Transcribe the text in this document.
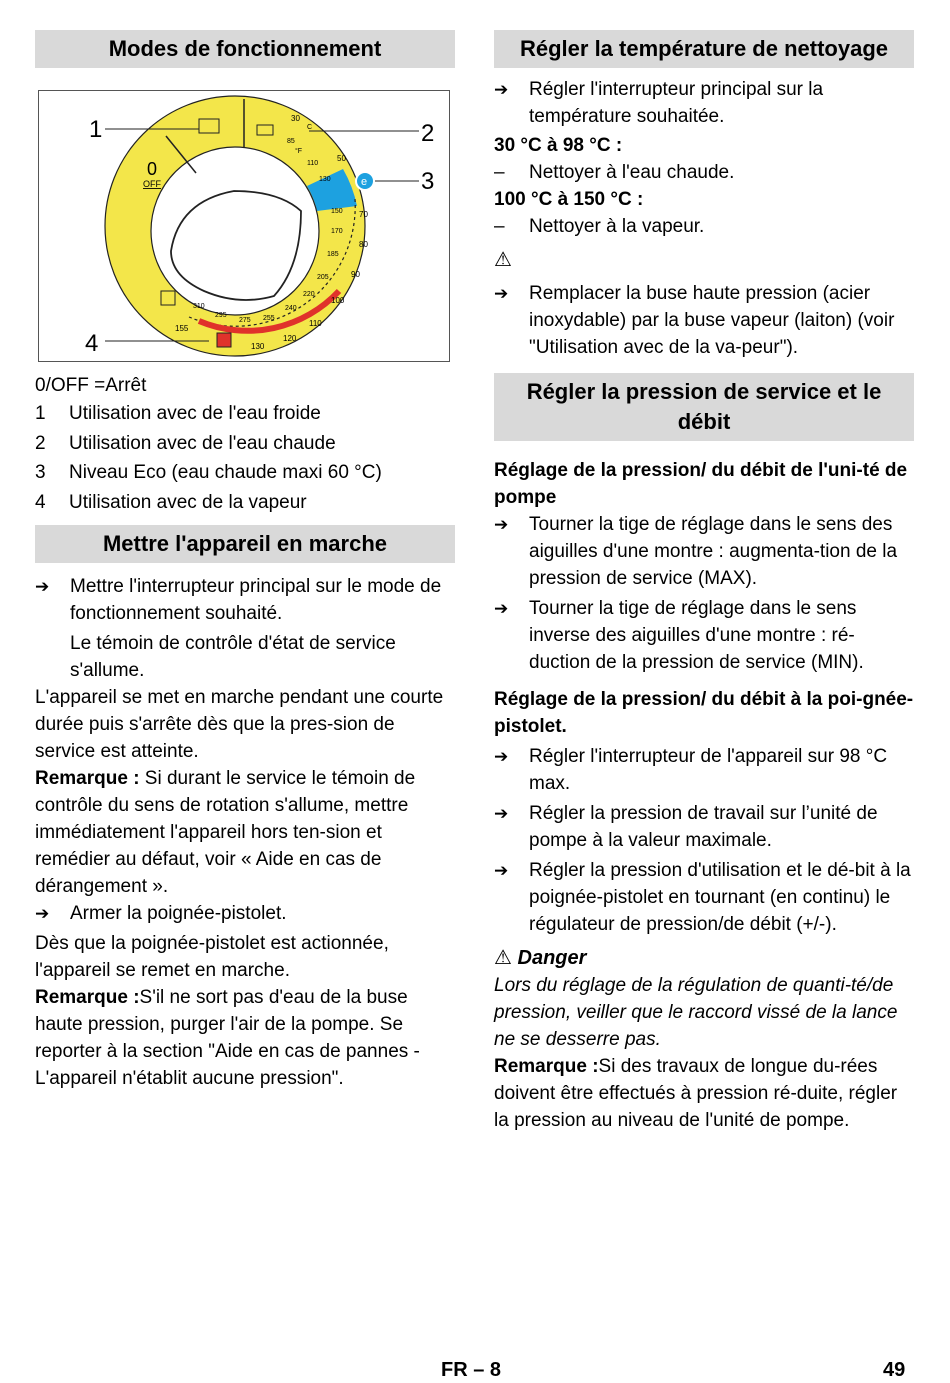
Modes de fonctionnement
1	2
3
4
0
OFF	e
C
°F
30
50
70
80
90
100
110
120
130
85
110
130
150
170
185
205
220
240
255
275
295
310
155

0/OFF =Arrêt

1	Utilisation avec de l'eau froide
2	Utilisation avec de l'eau chaude
3	Niveau Eco (eau chaude maxi 60 °C)
4	Utilisation avec de la vapeur
Mettre l'appareil en marche
➔	Mettre l'interrupteur principal sur le mode de fonctionnement souhaité.
Le témoin de contrôle d'état de service s'allume.

L'appareil se met en marche pendant une courte durée puis s'arrête dès que la pres-sion de service est atteinte.

Remarque : Si durant le service le témoin de contrôle du sens de rotation s'allume, mettre immédiatement l'appareil hors ten-sion et remédier au défaut, voir « Aide en cas de dérangement ».

➔	Armer la poignée-pistolet.

Dès que la poignée-pistolet est actionnée, l'appareil se remet en marche.

Remarque :S'il ne sort pas d'eau de la buse haute pression, purger l'air de la pompe. Se reporter à la section "Aide en cas de pannes - L'appareil n'établit aucune pression".

Régler la température de nettoyage
➔	Régler l'interrupteur principal sur la température souhaitée.
30 °C à 98 °C :
–	Nettoyer à l'eau chaude.
100 °C à 150 °C :
–	Nettoyer à la vapeur.
⚠
➔	Remplacer la buse haute pression (acier inoxydable) par la buse vapeur (laiton) (voir "Utilisation avec de la va-peur").
Régler la pression de service et le débit
Réglage de la pression/ du débit de l'uni-té de pompe
➔	Tourner la tige de réglage dans le sens des aiguilles d'une montre : augmenta-tion de la pression de service (MAX).
➔	Tourner la tige de réglage dans le sens inverse des aiguilles d'une montre : ré-duction de la pression de service (MIN).
Réglage de la pression/ du débit à la poi-gnée-pistolet.
➔	Régler l'interrupteur de l'appareil sur 98 °C max.
➔	Régler la pression de travail sur l’unité de pompe à la valeur maximale.
➔	Régler la pression d'utilisation et le dé-bit à la poignée-pistolet en tournant (en continu) le régulateur de pression/de débit (+/-).
⚠ Danger

Lors du réglage de la régulation de quanti-té/de pression, veiller que le raccord vissé de la lance ne se desserre pas.

Remarque :Si des travaux de longue du-rées doivent être effectués à pression ré-duite, régler la pression au niveau de l'unité de pompe.

FR – 8	49
